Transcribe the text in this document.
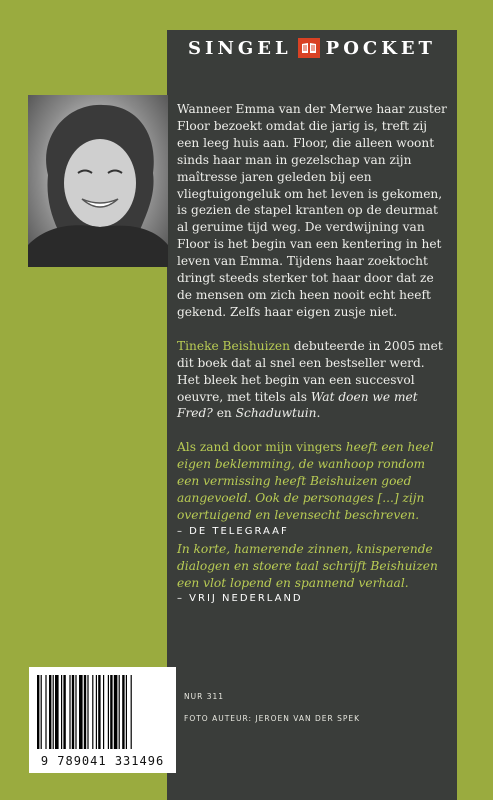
SINGEL POCKET

Wanneer Emma van der Merwe haar zuster Floor bezoekt omdat die jarig is, treft zij een leeg huis aan. Floor, die alleen woont sinds haar man in gezelschap van zijn maîtresse jaren geleden bij een vliegtuigongeluk om het leven is gekomen, is gezien de stapel kranten op de deurmat al geruime tijd weg. De verdwijning van Floor is het begin van een kentering in het leven van Emma. Tijdens haar zoektocht dringt steeds sterker tot haar door dat ze de mensen om zich heen nooit echt heeft gekend. Zelfs haar eigen zusje niet.

Tineke Beishuizen debuteerde in 2005 met dit boek dat al snel een bestseller werd. Het bleek het begin van een succesvol oeuvre, met titels als Wat doen we met Fred? en Schaduwtuin.

Als zand door mijn vingers heeft een heel eigen beklemming, de wanhoop rondom een vermissing heeft Beishuizen goed aangevoeld. Ook de personages [...] zijn overtuigend en levensecht beschreven.

– DE TELEGRAAF

In korte, hamerende zinnen, knisperende dialogen en stoere taal schrijft Beishuizen een vlot lopend en spannend verhaal.

– VRIJ NEDERLAND

9 789041 331496
NUR 311
FOTO AUTEUR: JEROEN VAN DER SPEK
